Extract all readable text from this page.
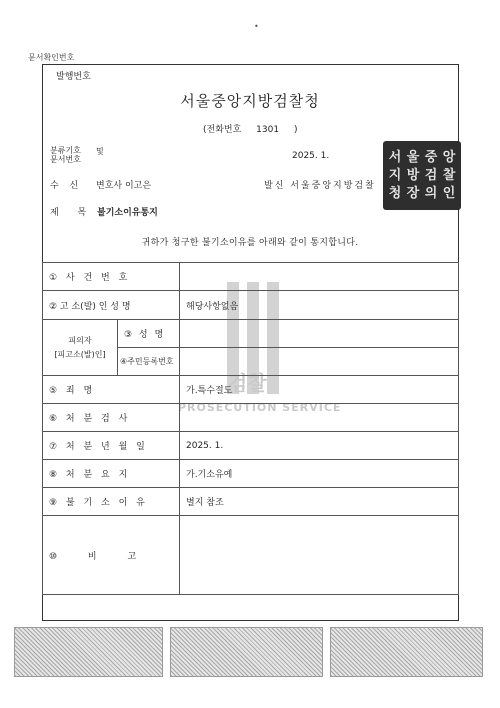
•
문서확인번호
발행번호
서울중앙지방검찰청
(전화번호 1301 )
분류기호
문서번호
및	2025. 1.
수 신 변호사 이고은	발신 서울중앙지방검찰
서 울 중 앙
지 방 검 찰
청 장 의 인
제 목 불기소이유통지
귀하가 청구한 불기소이유를 아래와 같이 통지합니다.
검찰
PROSECUTION SERVICE
① 사 건 번 호		
② 고 소(발) 인 성 명		해당사항없음

피의자
[피고소(발)인]	③ 성 명	
	④주민등록번호	
⑤ 죄 명		가.특수절도
⑥ 처 분 검 사		
⑦ 처 분 년 월 일		2025. 1.
⑧ 처 분 요 지		가.기소유예
⑨ 불 기 소 이 유		별지 참조
⑩ 비 고		
